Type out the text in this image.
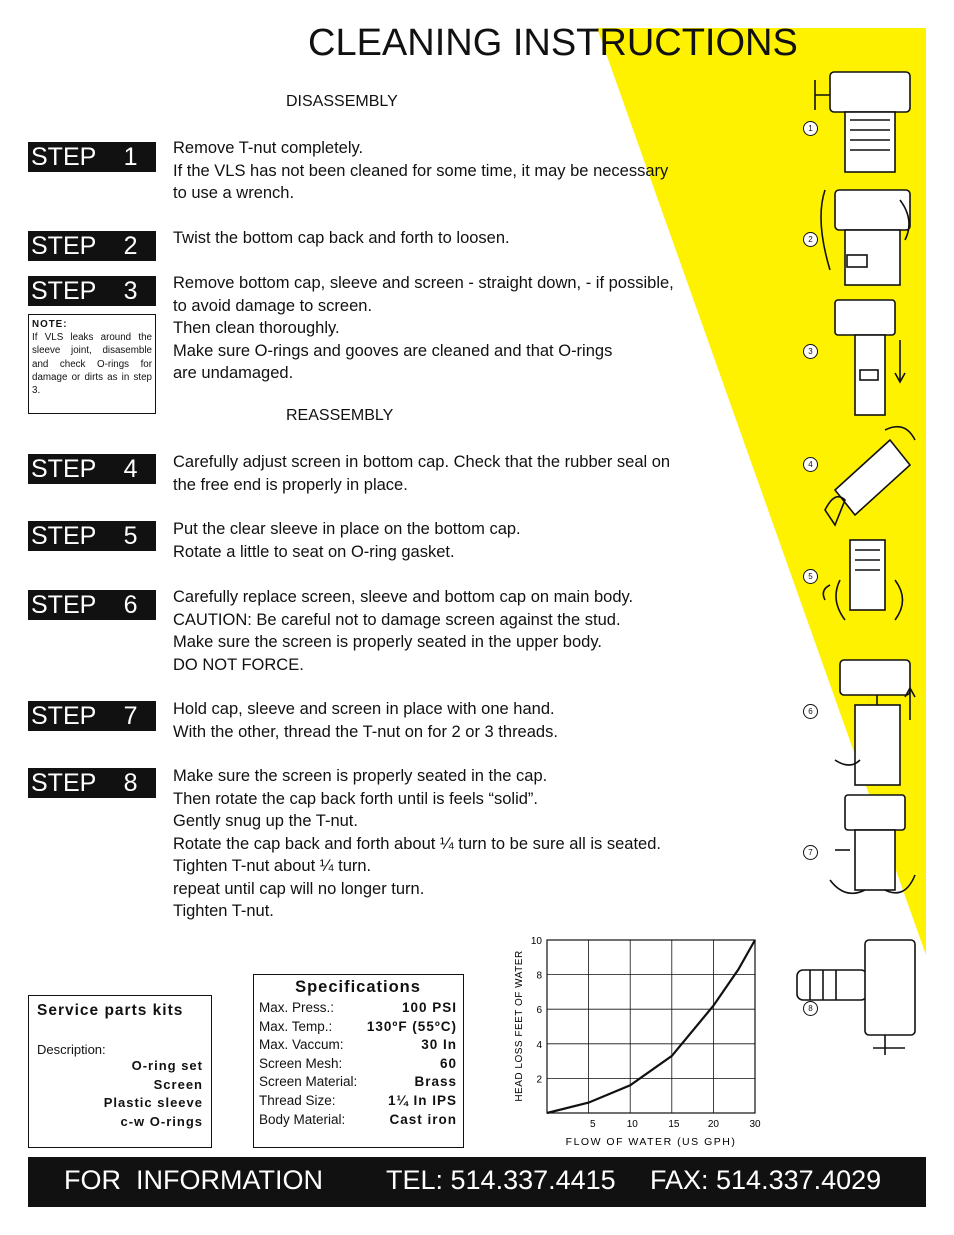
CLEANING INSTRUCTIONS
DISASSEMBLY
REASSEMBLY
STEP    1	Remove T-nut completely.
If the VLS has not been cleaned for some time, it may be necessary
to use a wrench.
STEP    2	Twist the bottom cap back and forth to loosen.
STEP    3	Remove bottom cap, sleeve and screen - straight down, - if possible,
to avoid damage to screen.
Then clean thoroughly.
Make sure O-rings and gooves are cleaned and that O-rings
are undamaged.
NOTE:
If VLS leaks around the sleeve joint, disasemble and check O-rings for damage or dirts as in step 3.
STEP    4	Carefully adjust screen in bottom cap. Check that the rubber seal on
the free end is properly in place.
STEP    5	Put the clear sleeve in place on the bottom cap.
Rotate a little to seat on O-ring gasket.
STEP    6	Carefully replace screen, sleeve and bottom cap on main body.
CAUTION: Be careful not to damage screen against the stud.
Make sure the screen is properly seated in the upper body.
DO NOT FORCE.
STEP    7	Hold cap, sleeve and screen in place with one hand.
With the other, thread the T-nut on for 2 or 3 threads.
STEP    8	Make sure the screen is properly seated in the cap.
Then rotate the cap back forth until is feels “solid”.
Gently snug up the T-nut.
Rotate the cap back and forth about ¼ turn to be sure all is seated.
Tighten T-nut about ¼ turn.
repeat until cap will no longer turn.
Tighten T-nut.
1
2
3
4
5
6
7
8
Service parts kits
Description:
O-ring set
Screen
Plastic sleeve
c-w O-rings
Specifications
Max. Press.:	100 PSI
Max. Temp.:	130ºF (55ºC)
Max. Vaccum:	30 In
Screen Mesh:	60
Screen Material:	Brass
Thread Size:	1¼ In IPS
Body Material:	Cast iron	5	10	15	20	30
2
4
6
8
10
FLOW OF WATER (US GPH)
HEAD LOSS FEET OF WATER
FOR  INFORMATION TEL: 514.337.4415 FAX: 514.337.4029
